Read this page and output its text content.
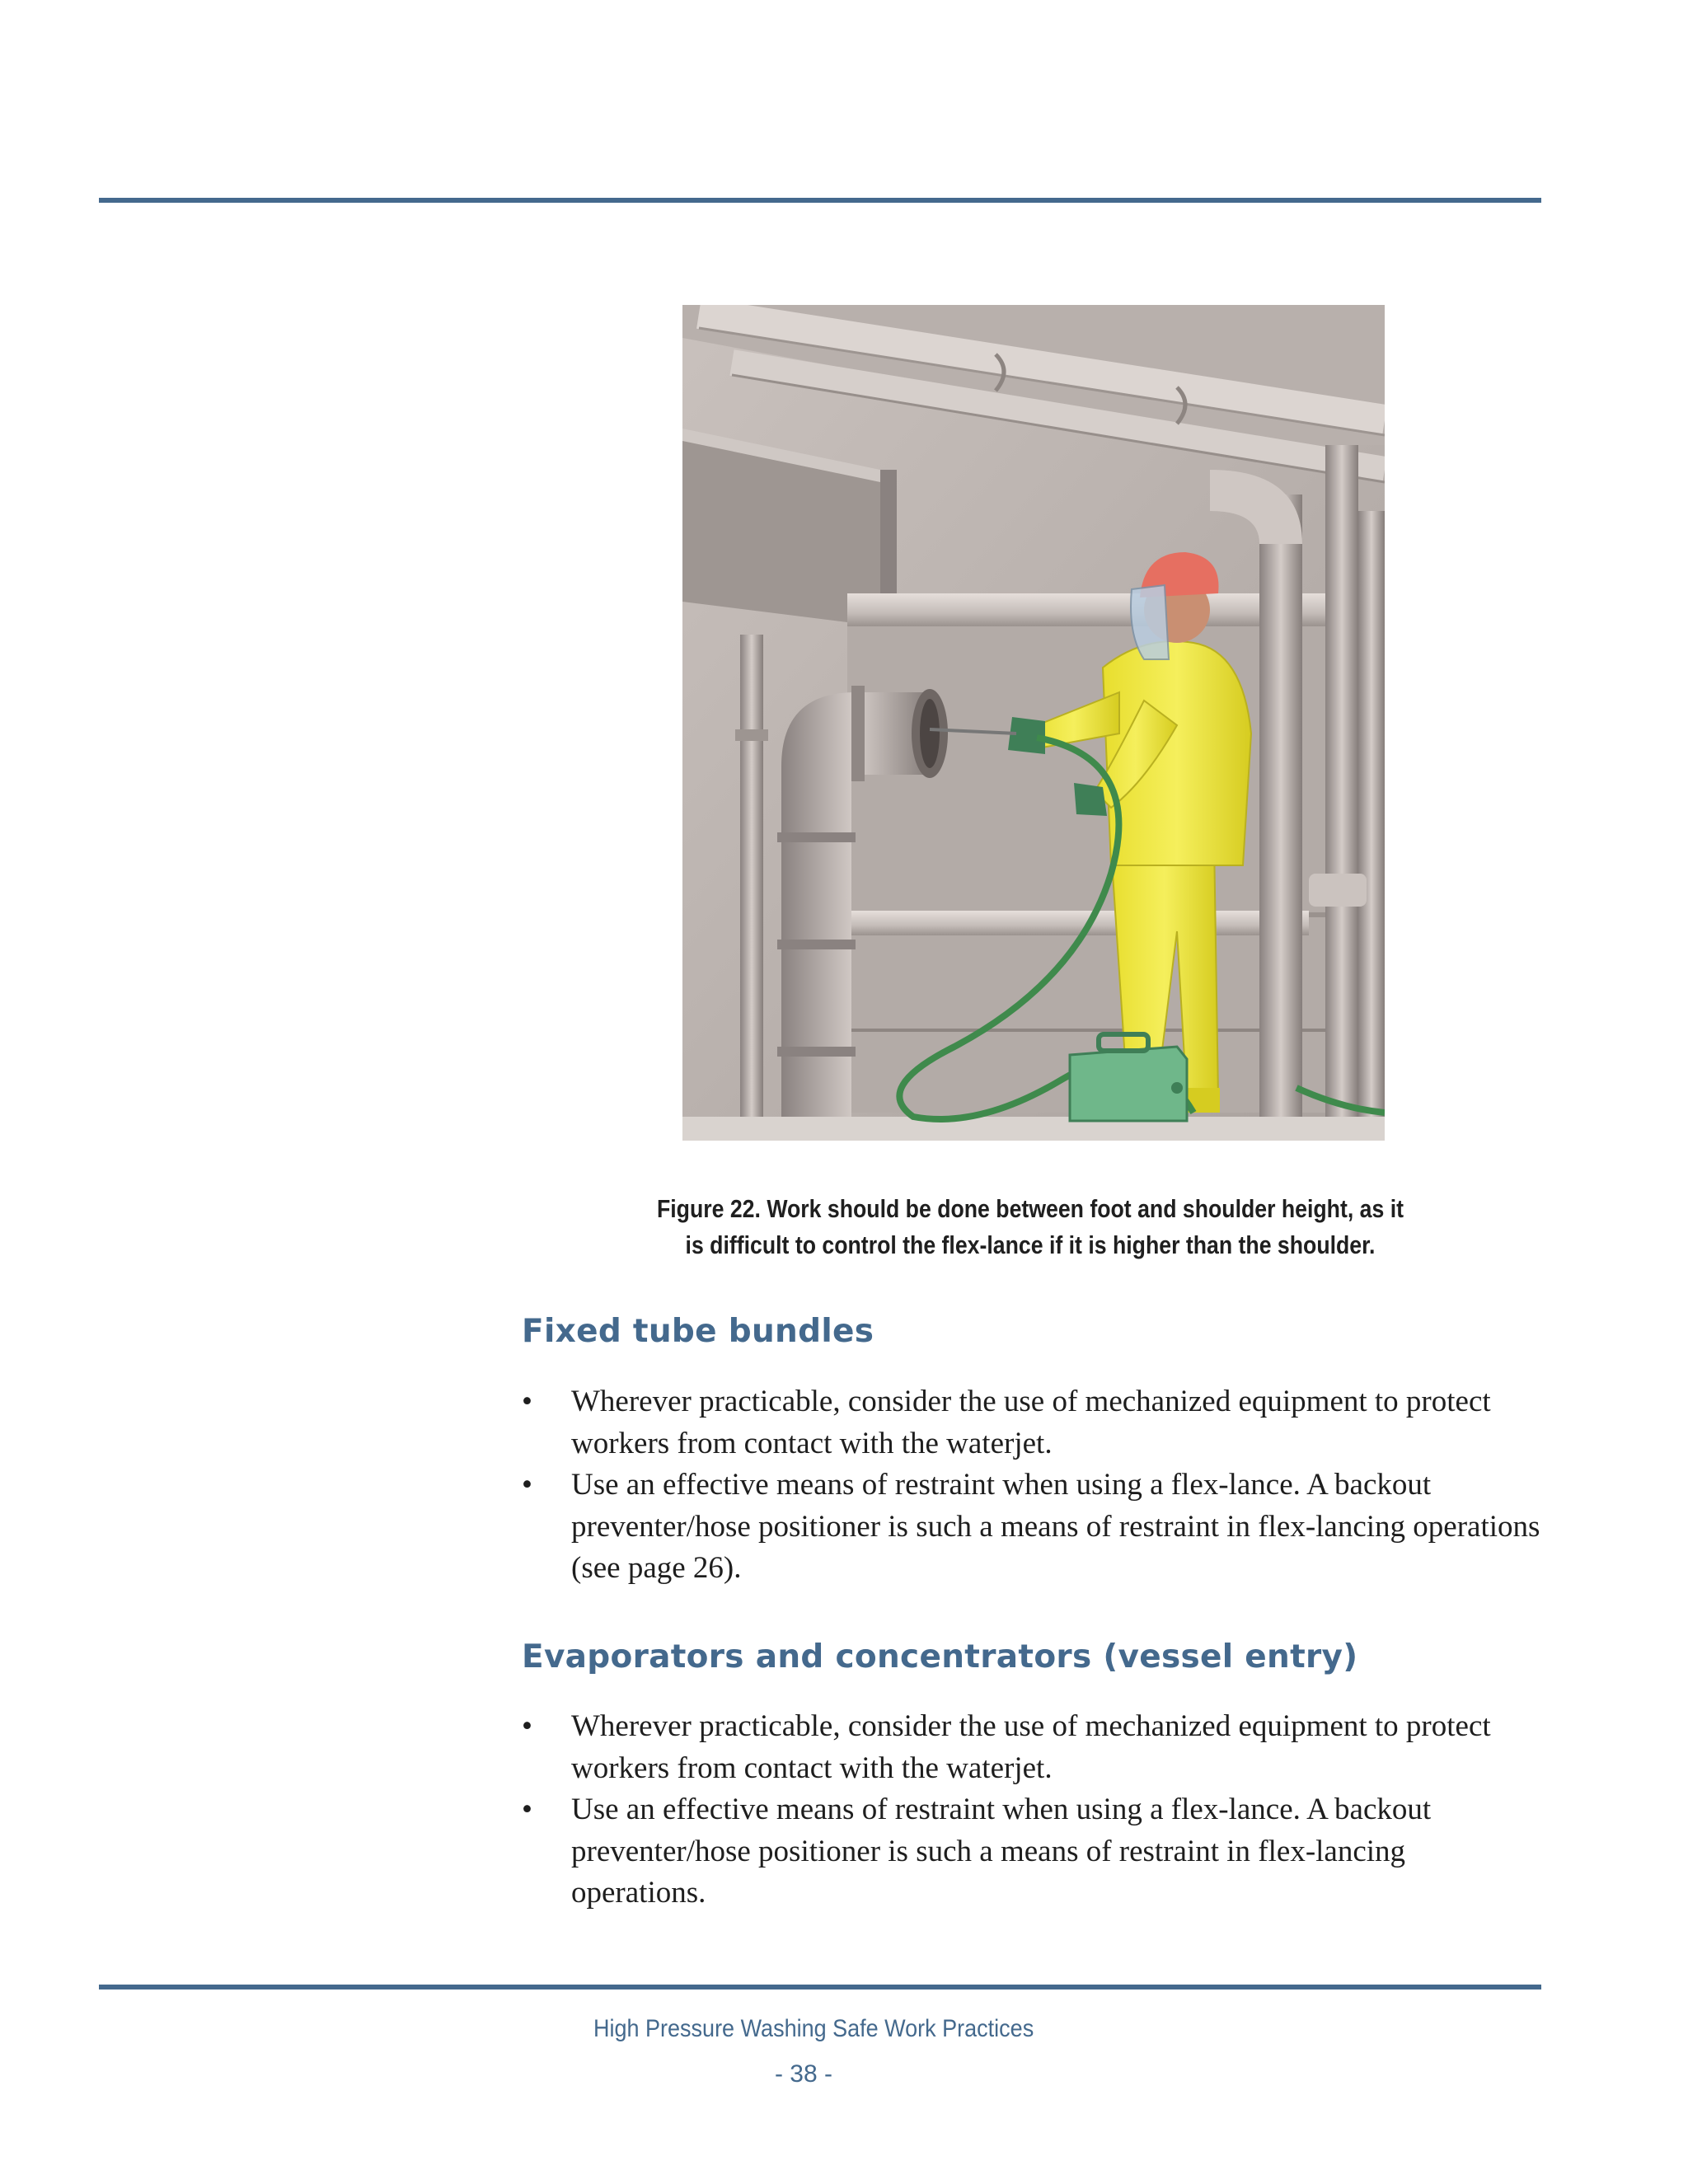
Figure 22. Work should be done between foot and shoulder height, as it
is difficult to control the flex-lance if it is higher than the shoulder.
Fixed tube bundles
• Wherever practicable, consider the use of mechanized equipment to protect workers from contact with the waterjet.
• Use an effective means of restraint when using a flex-lance. A backout preventer/hose positioner is such a means of restraint in flex-lancing operations (see page 26).
Evaporators and concentrators (vessel entry)
• Wherever practicable, consider the use of mechanized equipment to protect workers from contact with the waterjet.
• Use an effective means of restraint when using a flex-lance. A backout preventer/hose positioner is such a means of restraint in flex-lancing operations.
High Pressure Washing Safe Work Practices
- 38 -
